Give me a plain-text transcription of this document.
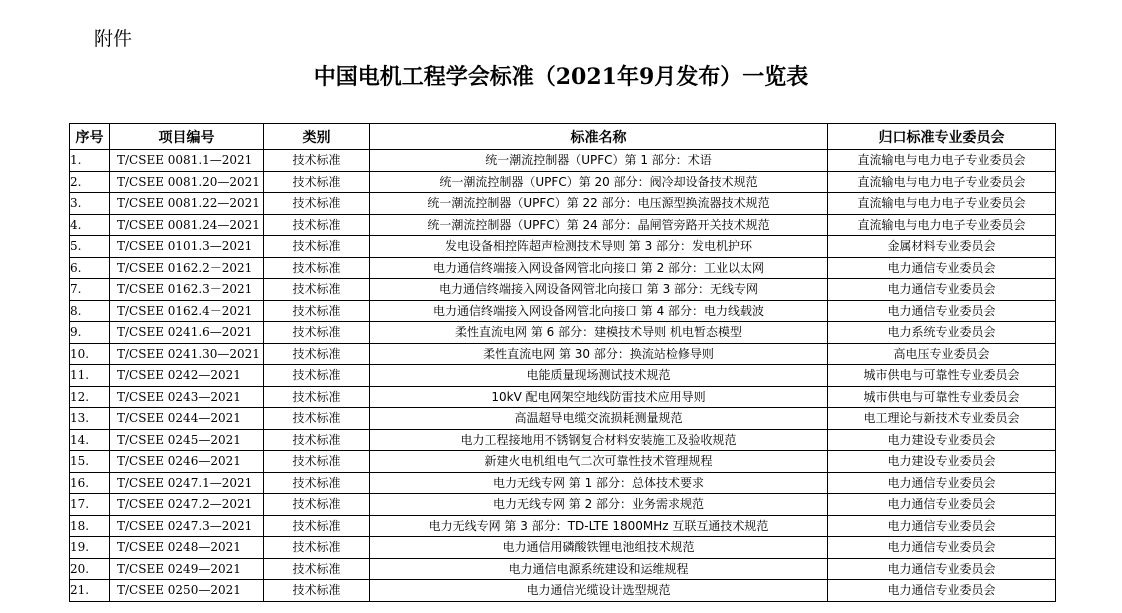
附件
中国电机工程学会标准（2021年9月发布）一览表
序号	项目编号	类别	标准名称	归口标准专业委员会
1.	T/CSEE 0081.1—2021	技术标准	统一潮流控制器（UPFC）第 1 部分：术语	直流输电与电力电子专业委员会
2.	T/CSEE 0081.20—2021	技术标准	统一潮流控制器（UPFC）第 20 部分：阀冷却设备技术规范	直流输电与电力电子专业委员会
3.	T/CSEE 0081.22—2021	技术标准	统一潮流控制器（UPFC）第 22 部分：电压源型换流器技术规范	直流输电与电力电子专业委员会
4.	T/CSEE 0081.24—2021	技术标准	统一潮流控制器（UPFC）第 24 部分：晶闸管旁路开关技术规范	直流输电与电力电子专业委员会
5.	T/CSEE 0101.3—2021	技术标准	发电设备相控阵超声检测技术导则 第 3 部分：发电机护环	金属材料专业委员会
6.	T/CSEE 0162.2－2021	技术标准	电力通信终端接入网设备网管北向接口 第 2 部分：工业以太网	电力通信专业委员会
7.	T/CSEE 0162.3－2021	技术标准	电力通信终端接入网设备网管北向接口 第 3 部分：无线专网	电力通信专业委员会
8.	T/CSEE 0162.4－2021	技术标准	电力通信终端接入网设备网管北向接口 第 4 部分：电力线载波	电力通信专业委员会
9.	T/CSEE 0241.6—2021	技术标准	柔性直流电网 第 6 部分：建模技术导则 机电暂态模型	电力系统专业委员会
10.	T/CSEE 0241.30—2021	技术标准	柔性直流电网 第 30 部分：换流站检修导则	高电压专业委员会
11.	T/CSEE 0242—2021	技术标准	电能质量现场测试技术规范	城市供电与可靠性专业委员会
12.	T/CSEE 0243—2021	技术标准	10kV 配电网架空地线防雷技术应用导则	城市供电与可靠性专业委员会
13.	T/CSEE 0244—2021	技术标准	高温超导电缆交流损耗测量规范	电工理论与新技术专业委员会
14.	T/CSEE 0245—2021	技术标准	电力工程接地用不锈钢复合材料安装施工及验收规范	电力建设专业委员会
15.	T/CSEE 0246—2021	技术标准	新建火电机组电气二次可靠性技术管理规程	电力建设专业委员会
16.	T/CSEE 0247.1—2021	技术标准	电力无线专网 第 1 部分：总体技术要求	电力通信专业委员会
17.	T/CSEE 0247.2—2021	技术标准	电力无线专网 第 2 部分：业务需求规范	电力通信专业委员会
18.	T/CSEE 0247.3—2021	技术标准	电力无线专网 第 3 部分：TD-LTE 1800MHz 互联互通技术规范	电力通信专业委员会
19.	T/CSEE 0248—2021	技术标准	电力通信用磷酸铁锂电池组技术规范	电力通信专业委员会
20.	T/CSEE 0249—2021	技术标准	电力通信电源系统建设和运维规程	电力通信专业委员会
21.	T/CSEE 0250—2021	技术标准	电力通信光缆设计选型规范	电力通信专业委员会
